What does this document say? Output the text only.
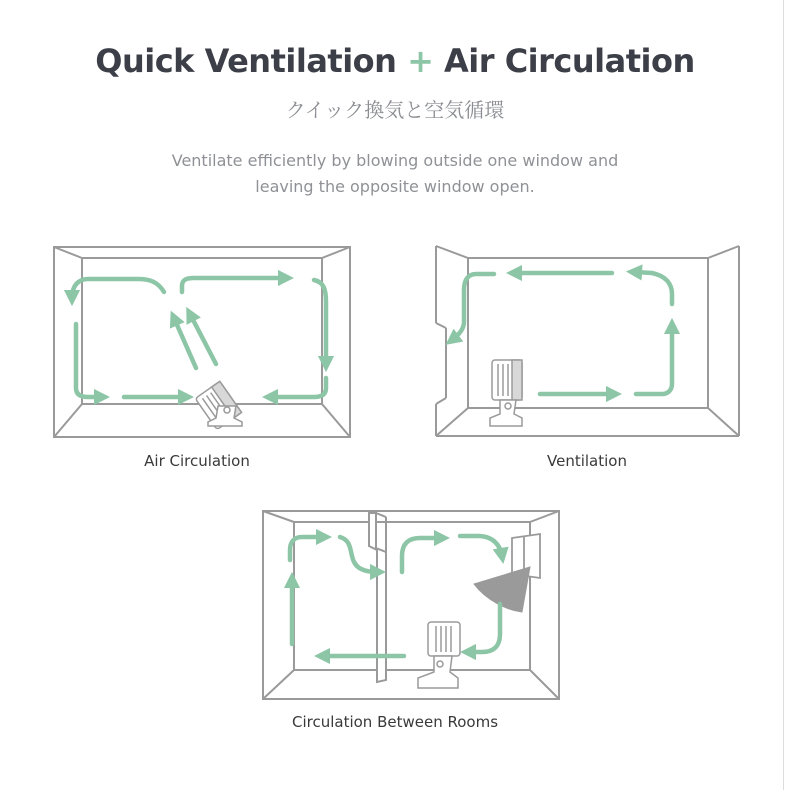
Quick Ventilation + Air Circulation
クイック換気と空気循環
Ventilate efficiently by blowing outside one window and
leaving the opposite window open.
Air Circulation	Ventilation
Circulation Between Rooms
